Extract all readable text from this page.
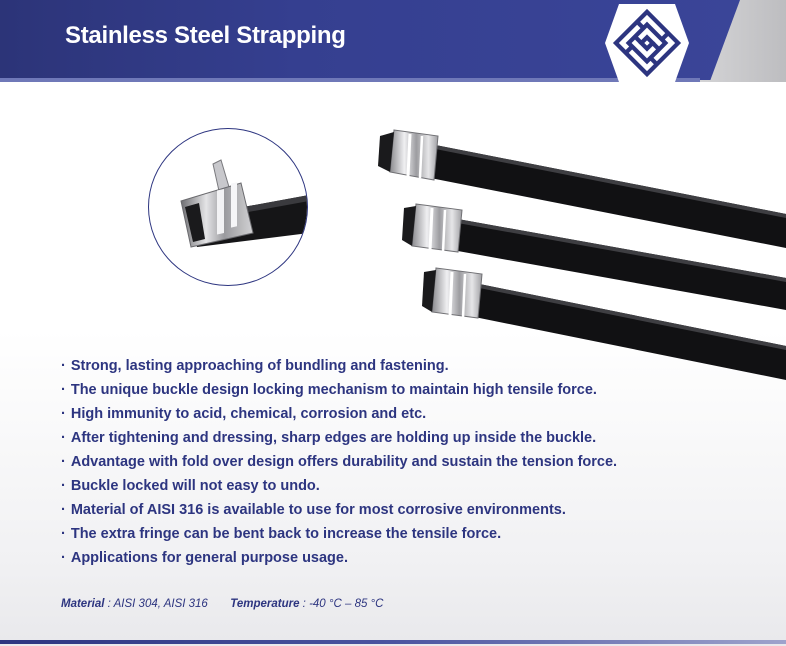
Stainless Steel Strapping
· Strong, lasting approaching of bundling and fastening.
· The unique buckle design locking mechanism to maintain high tensile force.
· High immunity to acid, chemical, corrosion and etc.
· After tightening and dressing, sharp edges are holding up inside the buckle.
· Advantage with fold over design offers durability and sustain the tension force.
· Buckle locked will not easy to undo.
· Material of AISI 316 is available to use for most corrosive environments.
· The extra fringe can be bent back to increase the tensile force.
· Applications for general purpose usage.
Material : AISI 304, AISI 316 Temperature : -40 °C – 85 °C
